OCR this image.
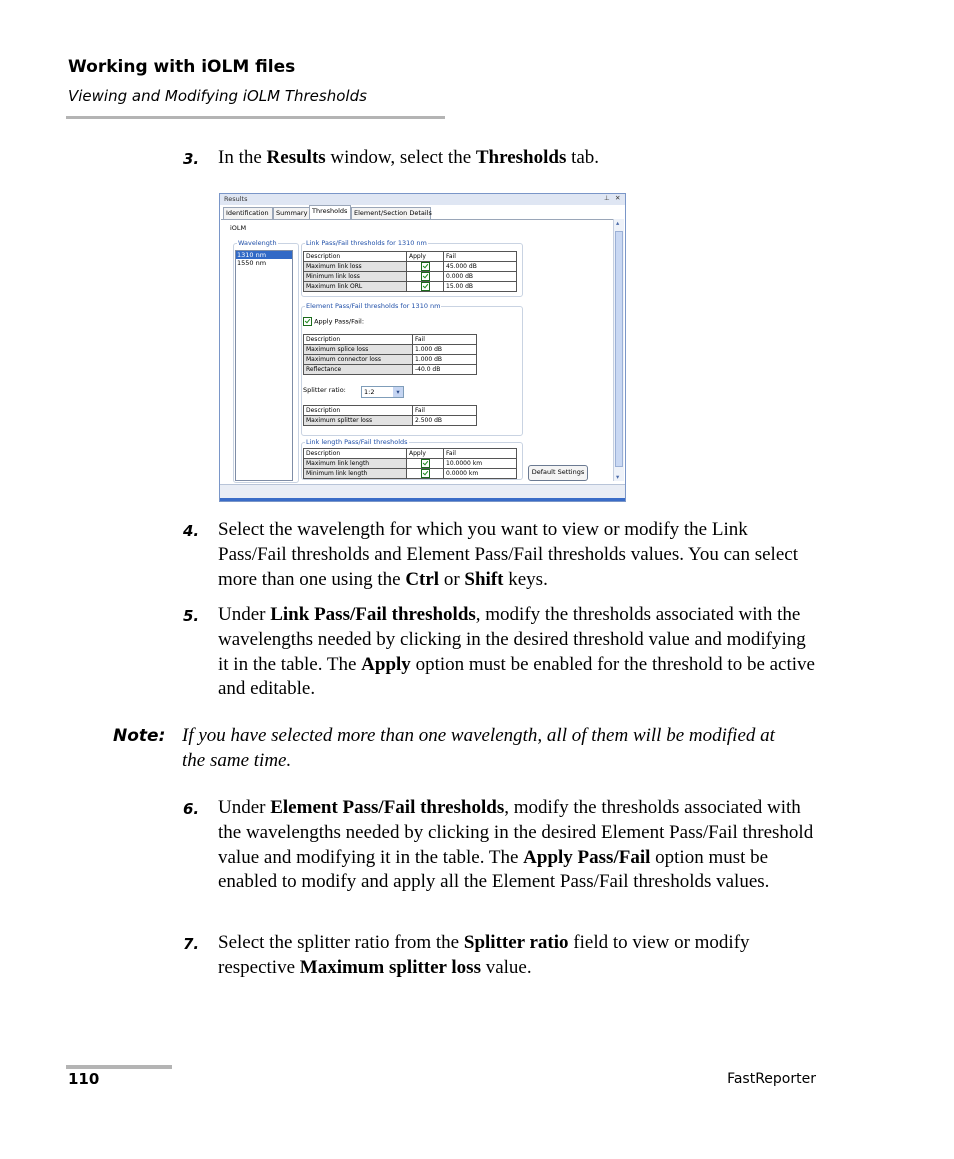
Working with iOLM files
Viewing and Modifying iOLM Thresholds
3. In the Results window, select the Thresholds tab.
Results	⊥ ✕
Identification	Summary Thresholds	Element/Section Details
iOLM
Wavelength
1310 nm
1550 nm
Link Pass/Fail thresholds for 1310 nm
Description	Apply	Fail
Maximum link loss		45.000 dB
Minimum link loss		0.000 dB
Maximum link ORL		15.00 dB
Element Pass/Fail thresholds for 1310 nm
Apply Pass/Fail:
Description	Fail
Maximum splice loss	1.000 dB
Maximum connector loss	1.000 dB
Reflectance	-40.0 dB
Splitter ratio:	1:2	▾
Description	Fail
Maximum splitter loss	2.500 dB
Link length Pass/Fail thresholds
Description	Apply	Fail
Maximum link length		10.0000 km
Minimum link length		0.0000 km	Default Settings
▴
▾
4. Select the wavelength for which you want to view or modify the Link Pass/Fail thresholds and Element Pass/Fail thresholds values. You can select more than one using the Ctrl or Shift keys.
5. Under Link Pass/Fail thresholds, modify the thresholds associated with the wavelengths needed by clicking in the desired threshold value and modifying it in the table. The Apply option must be enabled for the threshold to be active and editable.
Note: If you have selected more than one wavelength, all of them will be modified at the same time.
6. Under Element Pass/Fail thresholds, modify the thresholds associated with the wavelengths needed by clicking in the desired Element Pass/Fail threshold value and modifying it in the table. The Apply Pass/Fail option must be enabled to modify and apply all the Element Pass/Fail thresholds values.
7. Select the splitter ratio from the Splitter ratio field to view or modify respective Maximum splitter loss value.
110	FastReporter
